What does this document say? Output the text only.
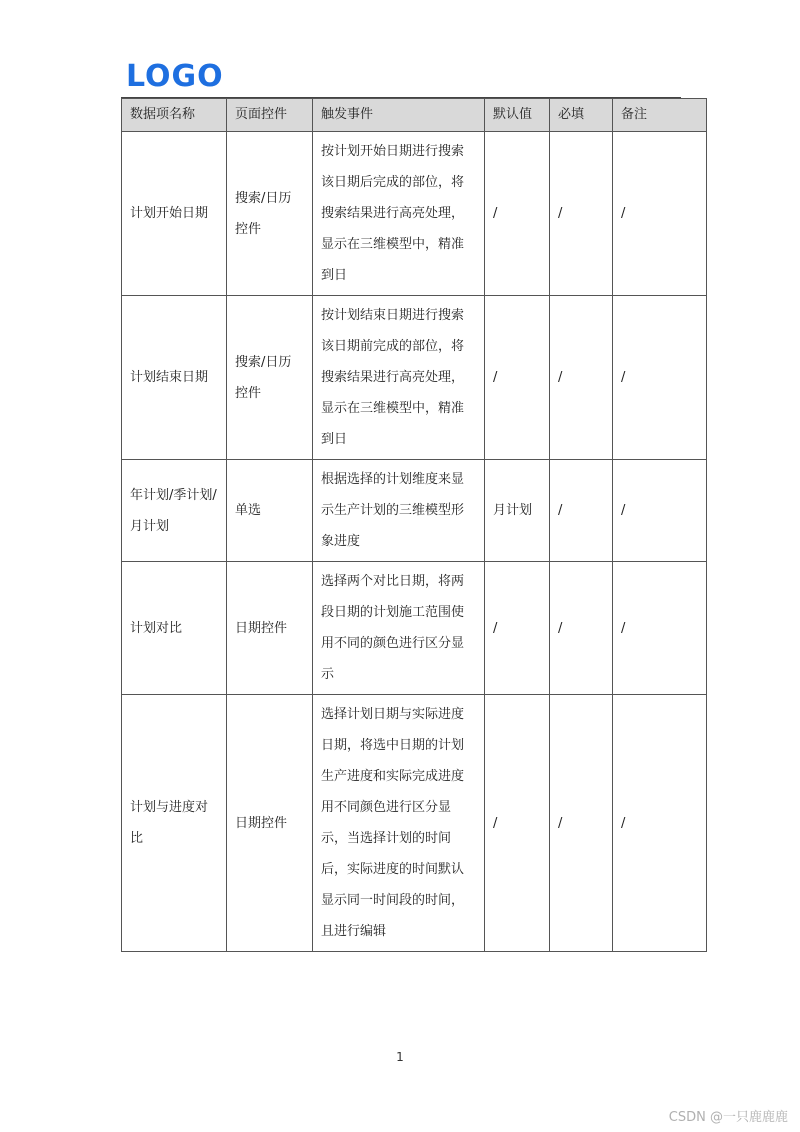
LOGO
数据项名称	页面控件	触发事件	默认值	必填	备注
计划开始日期	搜索/日历控件	按计划开始日期进行搜索该日期后完成的部位，将搜索结果进行高亮处理，显示在三维模型中，精准到日	/	/	/
计划结束日期	搜索/日历控件	按计划结束日期进行搜索该日期前完成的部位，将搜索结果进行高亮处理，显示在三维模型中，精准到日	/	/	/
年计划/季计划/月计划	单选	根据选择的计划维度来显示生产计划的三维模型形象进度	月计划	/	/
计划对比	日期控件	选择两个对比日期，将两段日期的计划施工范围使用不同的颜色进行区分显示	/	/	/
计划与进度对比	日期控件	选择计划日期与实际进度日期，将选中日期的计划生产进度和实际完成进度用不同颜色进行区分显示，当选择计划的时间后，实际进度的时间默认显示同一时间段的时间，且进行编辑	/	/	/
1
CSDN @一只鹿鹿鹿
